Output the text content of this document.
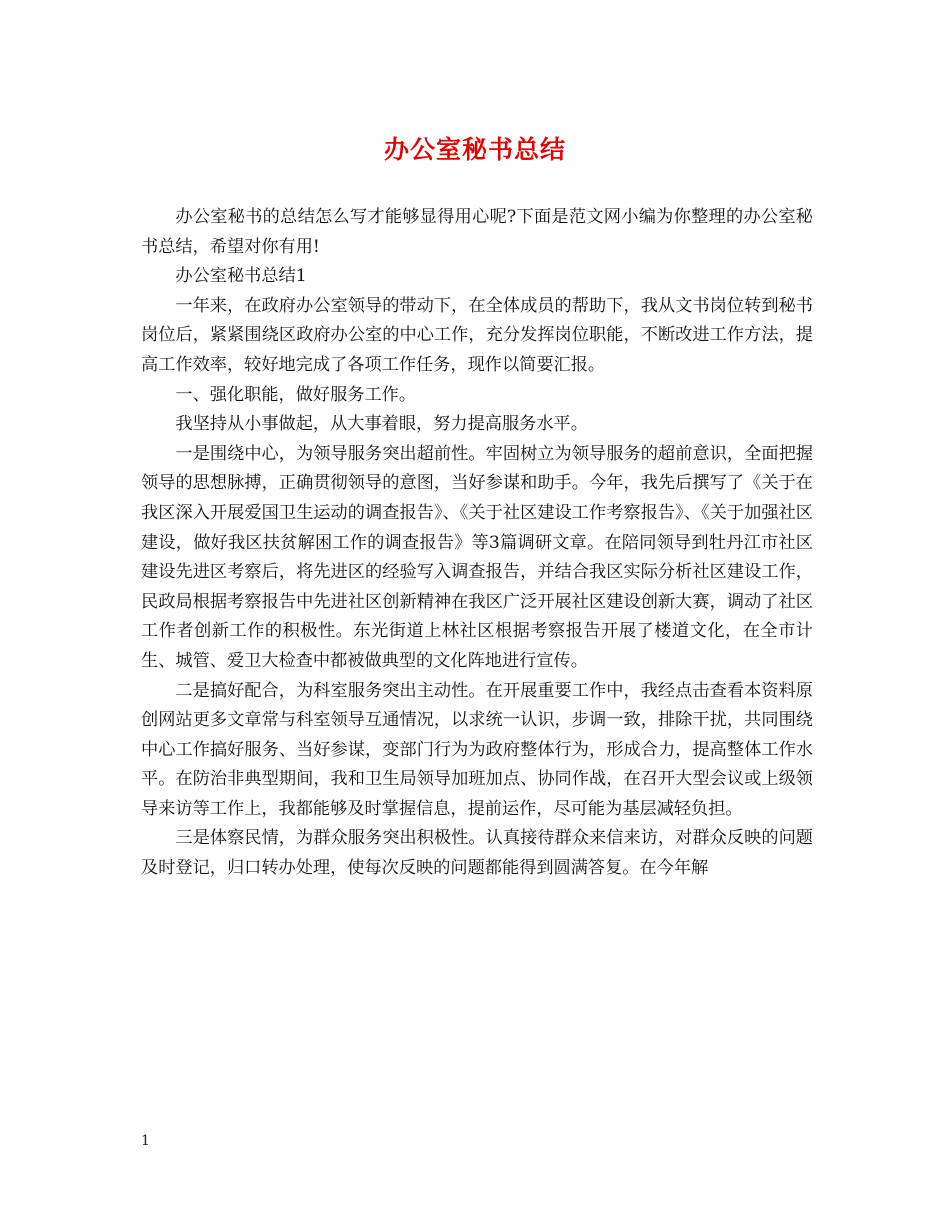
办公室秘书总结

办公室秘书的总结怎么写才能够显得用心呢?下面是范文网小编为你整理的办公室秘书总结，希望对你有用!

办公室秘书总结1

一年来，在政府办公室领导的带动下，在全体成员的帮助下，我从文书岗位转到秘书岗位后，紧紧围绕区政府办公室的中心工作，充分发挥岗位职能，不断改进工作方法，提高工作效率，较好地完成了各项工作任务，现作以简要汇报。

一、强化职能，做好服务工作。

我坚持从小事做起，从大事着眼，努力提高服务水平。

一是围绕中心，为领导服务突出超前性。牢固树立为领导服务的超前意识，全面把握领导的思想脉搏，正确贯彻领导的意图，当好参谋和助手。今年，我先后撰写了《关于在我区深入开展爱国卫生运动的调查报告》、《关于社区建设工作考察报告》、《关于加强社区建设，做好我区扶贫解困工作的调查报告》等3篇调研文章。在陪同领导到牡丹江市社区建设先进区考察后，将先进区的经验写入调查报告，并结合我区实际分析社区建设工作，民政局根据考察报告中先进社区创新精神在我区广泛开展社区建设创新大赛，调动了社区工作者创新工作的积极性。东光街道上林社区根据考察报告开展了楼道文化，在全市计生、城管、爱卫大检查中都被做典型的文化阵地进行宣传。

二是搞好配合，为科室服务突出主动性。在开展重要工作中，我经点击查看本资料原创网站更多文章常与科室领导互通情况，以求统一认识，步调一致，排除干扰，共同围绕中心工作搞好服务、当好参谋，变部门行为为政府整体行为，形成合力，提高整体工作水平。在防治非典型期间，我和卫生局领导加班加点、协同作战，在召开大型会议或上级领导来访等工作上，我都能够及时掌握信息，提前运作，尽可能为基层减轻负担。

三是体察民情，为群众服务突出积极性。认真接待群众来信来访，对群众反映的问题及时登记，归口转办处理，使每次反映的问题都能得到圆满答复。在今年解

1
